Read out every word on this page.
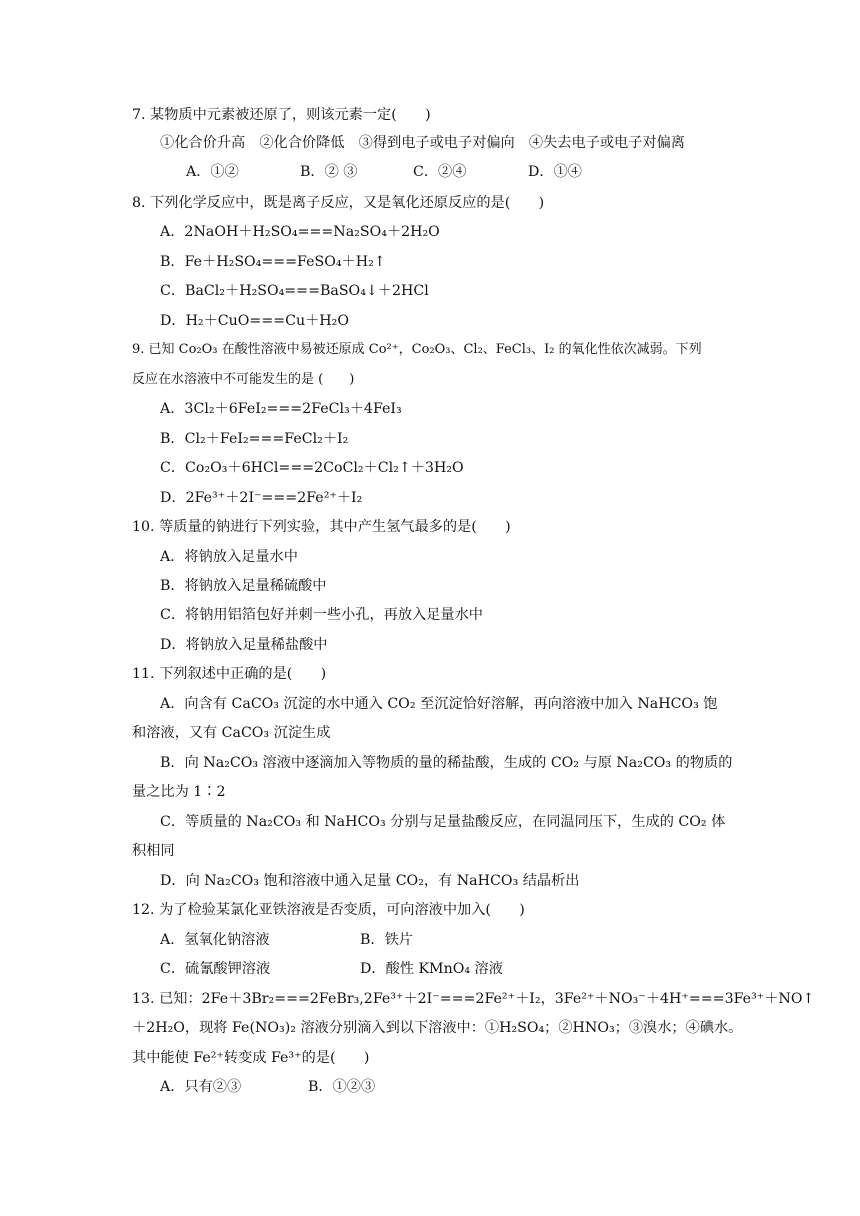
7. 某物质中元素被还原了，则该元素一定(　　)
①化合价升高　②化合价降低　③得到电子或电子对偏向　④失去电子或电子对偏离
A．①②	B．② ③	C．②④	D．①④
8. 下列化学反应中，既是离子反应，又是氧化还原反应的是(　　)
A．2NaOH＋H₂SO₄===Na₂SO₄＋2H₂O
B．Fe＋H₂SO₄===FeSO₄＋H₂↑
C．BaCl₂＋H₂SO₄===BaSO₄↓＋2HCl
D．H₂＋CuO===Cu＋H₂O
9. 已知 Co₂O₃ 在酸性溶液中易被还原成 Co²⁺，Co₂O₃、Cl₂、FeCl₃、I₂ 的氧化性依次减弱。下列
反应在水溶液中不可能发生的是 (　　)
A．3Cl₂＋6FeI₂===2FeCl₃＋4FeI₃
B．Cl₂＋FeI₂===FeCl₂＋I₂
C．Co₂O₃＋6HCl===2CoCl₂＋Cl₂↑＋3H₂O
D．2Fe³⁺＋2I⁻===2Fe²⁺＋I₂
10. 等质量的钠进行下列实验，其中产生氢气最多的是(　　)
A．将钠放入足量水中
B．将钠放入足量稀硫酸中
C．将钠用铝箔包好并刺一些小孔，再放入足量水中
D．将钠放入足量稀盐酸中
11. 下列叙述中正确的是(　　)
A．向含有 CaCO₃ 沉淀的水中通入 CO₂ 至沉淀恰好溶解，再向溶液中加入 NaHCO₃ 饱
和溶液，又有 CaCO₃ 沉淀生成
B．向 Na₂CO₃ 溶液中逐滴加入等物质的量的稀盐酸，生成的 CO₂ 与原 Na₂CO₃ 的物质的
量之比为 1∶2
C．等质量的 Na₂CO₃ 和 NaHCO₃ 分别与足量盐酸反应，在同温同压下，生成的 CO₂ 体
积相同
D．向 Na₂CO₃ 饱和溶液中通入足量 CO₂，有 NaHCO₃ 结晶析出
12. 为了检验某氯化亚铁溶液是否变质，可向溶液中加入(　　)
A．氢氧化钠溶液	B．铁片
C．硫氰酸钾溶液	D．酸性 KMnO₄ 溶液
13. 已知：2Fe＋3Br₂===2FeBr₃,2Fe³⁺＋2I⁻===2Fe²⁺＋I₂，3Fe²⁺＋NO₃⁻＋4H⁺===3Fe³⁺＋NO↑
＋2H₂O，现将 Fe(NO₃)₂ 溶液分别滴入到以下溶液中：①H₂SO₄；②HNO₃；③溴水；④碘水。
其中能使 Fe²⁺转变成 Fe³⁺的是(　　)
A．只有②③	B．①②③
